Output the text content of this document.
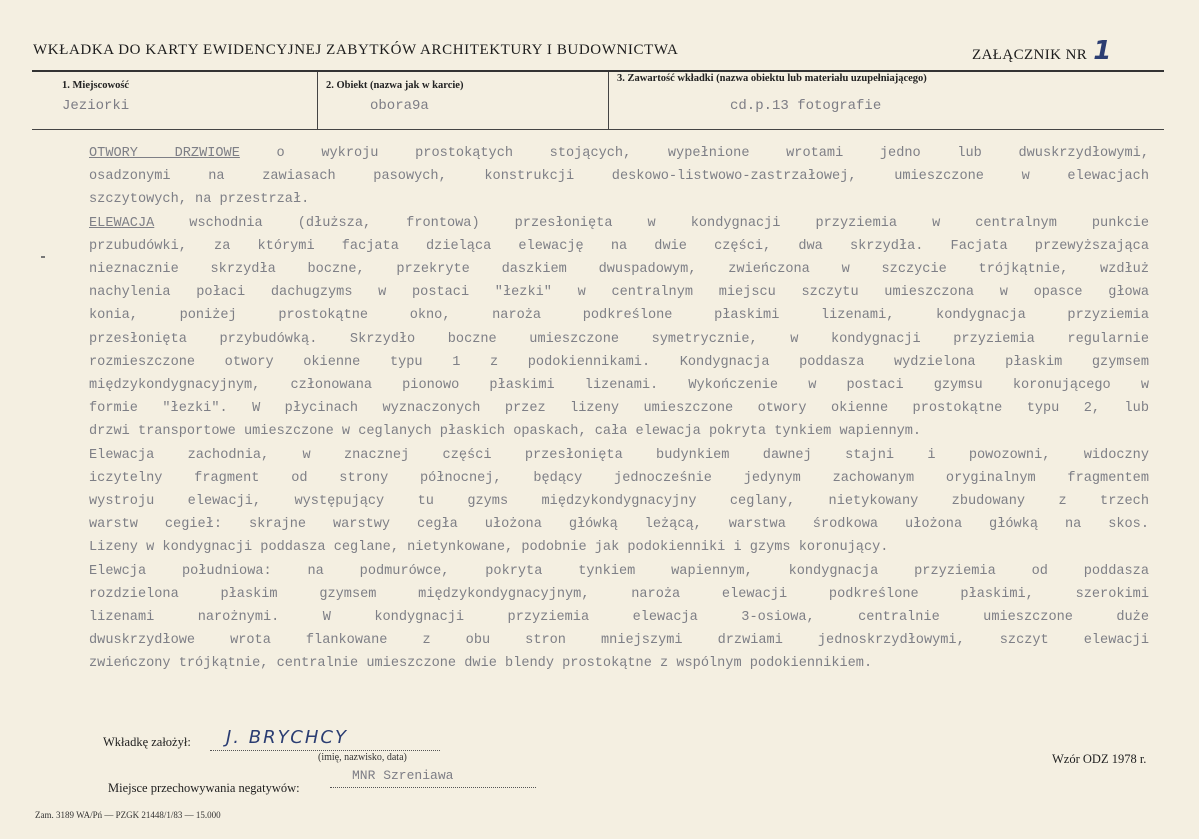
WKŁADKA DO KARTY EWIDENCYJNEJ ZABYTKÓW ARCHITEKTURY I BUDOWNICTWA	ZAŁĄCZNIK NR 1
1. Miejscowość
Jeziorki
2. Obiekt (nazwa jak w karcie)
obora9a
3. Zawartość wkładki (nazwa obiektu lub materiału uzupełniającego)
cd.p.13 fotografie

OTWORY DRZWIOWE	o wykroju prostokątych stojących, wypełnione wrotami jedno lub dwuskrzydłowymi,
osadzonymi na zawiasach pasowych, konstrukcji deskowo-listwowo-zastrzałowej, umieszczone w elewacjach
szczytowych, na przestrzał.

ELEWACJA	wschodnia (dłuższa, frontowa) przesłonięta w kondygnacji przyziemia w centralnym punkcie
przubudówki, za którymi facjata dzieląca elewację na dwie części, dwa skrzydła. Facjata przewyższająca
nieznacznie skrzydła boczne, przekryte daszkiem dwuspadowym, zwieńczona w szczycie trójkątnie, wzdłuż
nachylenia połaci dachugzyms w postaci "łezki" w centralnym miejscu szczytu umieszczona w opasce głowa
konia, poniżej prostokątne okno, naroża podkreślone płaskimi lizenami, kondygnacja przyziemia
przesłonięta przybudówką. Skrzydło boczne umieszczone symetrycznie, w kondygnacji przyziemia regularnie
rozmieszczone otwory okienne typu 1 z podokiennikami. Kondygnacja poddasza wydzielona płaskim gzymsem
międzykondygnacyjnym, członowana pionowo płaskimi lizenami. Wykończenie w postaci gzymsu koronującego w
formie "łezki". W płycinach wyznaczonych przez lizeny umieszczone otwory okienne prostokątne typu 2, lub
drzwi transportowe umieszczone w ceglanych płaskich opaskach, cała elewacja pokryta tynkiem wapiennym.

Elewacja zachodnia, w znacznej części przesłonięta budynkiem dawnej stajni i powozowni, widoczny
iczytelny fragment od strony północnej, będący jednocześnie jedynym zachowanym oryginalnym fragmentem
wystroju elewacji, występujący tu gzyms międzykondygnacyjny ceglany, nietykowany zbudowany z trzech
warstw cegieł: skrajne warstwy cegła ułożona główką leżącą, warstwa środkowa ułożona główką na skos.
Lizeny w kondygnacji poddasza ceglane, nietynkowane, podobnie jak podokienniki i gzyms koronujący.

Elewcja południowa: na podmurówce, pokryta tynkiem wapiennym, kondygnacja przyziemia od poddasza
rozdzielona płaskim gzymsem międzykondygnacyjnym, naroża elewacji podkreślone płaskimi, szerokimi
lizenami narożnymi. W kondygnacji przyziemia elewacja 3-osiowa, centralnie umieszczone duże
dwuskrzydłowe wrota flankowane z obu stron mniejszymi drzwiami jednoskrzydłowymi, szczyt elewacji
zwieńczony trójkątnie, centralnie umieszczone dwie blendy prostokątne z wspólnym podokiennikiem.

Wkładkę założył: J. BRYCHCY
(imię, nazwisko, data)	Wzór ODZ 1978 r.
Miejsce przechowywania negatywów:
MNR Szreniawa
Zam. 3189 WA/Pń — PZGK 21448/1/83 — 15.000
